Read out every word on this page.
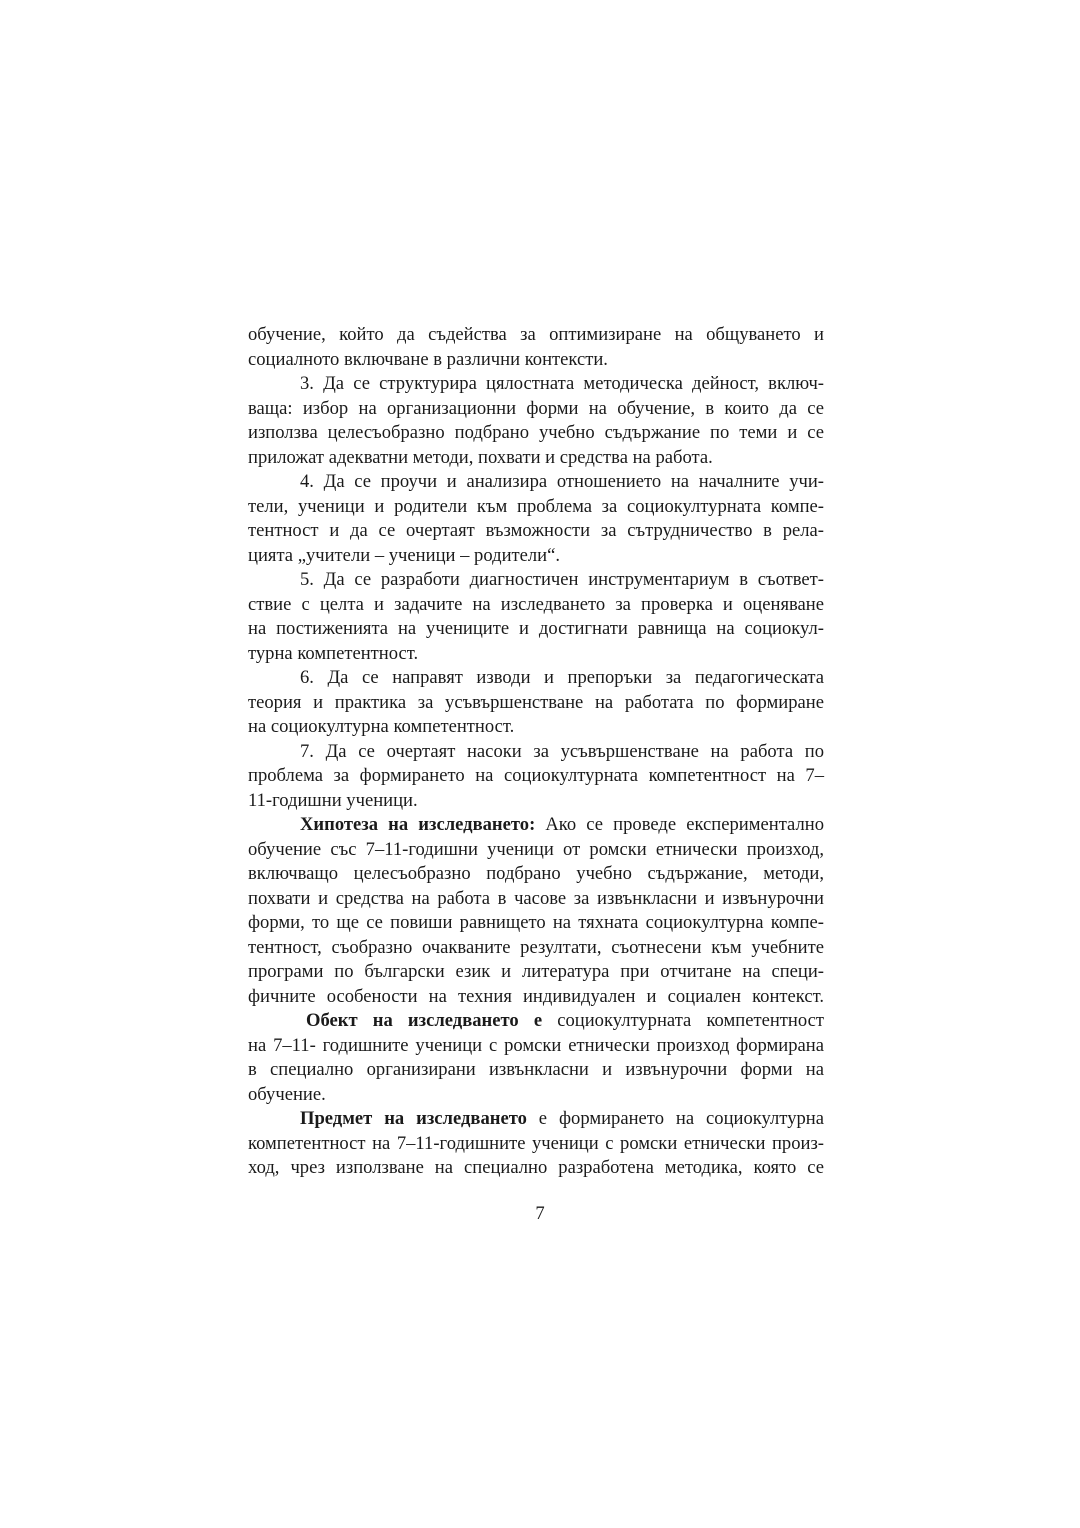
обучение, който да съдейства за оптимизиране на общуването и
социалното включване в различни контексти.
3. Да се структурира цялостната методическа дейност, включ-
ваща: избор на организационни форми на обучение, в които да се
използва целесъобразно подбрано учебно съдържание по теми и се
приложат адекватни методи, похвати и средства на работа.
4. Да се проучи и анализира отношението на началните учи-
тели, ученици и родители към проблема за социокултурната компе-
тентност и да се очертаят възможности за сътрудничество в рела-
цията „учители – ученици – родители“.
5. Да се разработи диагностичен инструментариум в съответ-
ствие с целта и задачите на изследването за проверка и оценяване
на постиженията на учениците и достигнати равнища на социокул-
турна компетентност.
6. Да се направят изводи и препоръки за педагогическата
теория и практика за усъвършенстване на работата по формиране
на социокултурна компетентност.
7. Да се очертаят насоки за усъвършенстване на работа по
проблема за формирането на социокултурната компетентност на 7–
11-годишни ученици.
Хипотеза на изследването: Ако се проведе експериментално
обучение със 7–11-годишни ученици от ромски етнически произход,
включващо целесъобразно подбрано учебно съдържание, методи,
похвати и средства на работа в часове за извънкласни и извънурочни
форми, то ще се повиши равнището на тяхната социокултурна компе-
тентност, съобразно очакваните резултати, съотнесени към учебните
програми по български език и литература при отчитане на специ-
фичните особености на техния индивидуален и социален контекст.
Обект на изследването е социокултурната компетентност
на 7–11- годишните ученици с ромски етнически произход формирана
в специално организирани извънкласни и извънурочни форми на
обучение.
Предмет на изследването е формирането на социокултурна
компетентност на 7–11-годишните ученици с ромски етнически произ-
ход, чрез използване на специално разработена методика, която се
7
